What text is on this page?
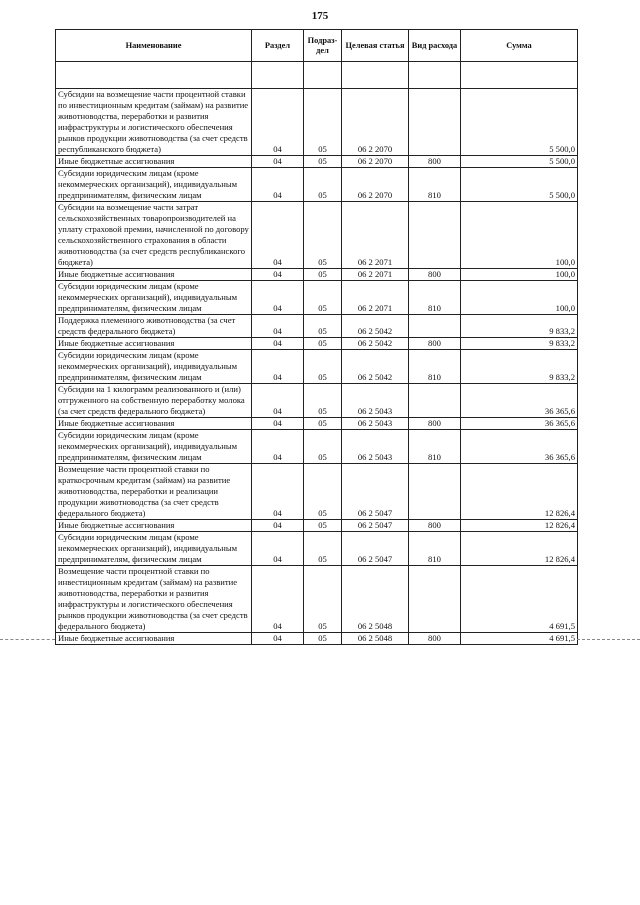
175
Наименование	Раздел	Подраз-дел	Целевая статья	Вид расхода	Сумма

Субсидии на возмещение части процентной ставки по инвестиционным кредитам (займам) на развитие животноводства, переработки и развития инфраструктуры и логистического обеспечения рынков продукции животноводства (за счет средств республиканского бюджета)	04	05	06 2 2070		5 500,0
Иные бюджетные ассигнования	04	05	06 2 2070	800	5 500,0
Субсидии юридическим лицам (кроме некоммерческих организаций), индивидуальным предпринимателям, физическим лицам	04	05	06 2 2070	810	5 500,0
Субсидии на возмещение части затрат сельскохозяйственных товаропроизводителей на уплату страховой премии, начисленной по договору сельскохозяйственного страхования в области животноводства (за счет средств республиканского бюджета)	04	05	06 2 2071		100,0
Иные бюджетные ассигнования	04	05	06 2 2071	800	100,0
Субсидии юридическим лицам (кроме некоммерческих организаций), индивидуальным предпринимателям, физическим лицам	04	05	06 2 2071	810	100,0
Поддержка племенного животноводства (за счет средств федерального бюджета)	04	05	06 2 5042		9 833,2
Иные бюджетные ассигнования	04	05	06 2 5042	800	9 833,2
Субсидии юридическим лицам (кроме некоммерческих организаций), индивидуальным предпринимателям, физическим лицам	04	05	06 2 5042	810	9 833,2
Субсидии на 1 килограмм реализованного и (или) отгруженного на собственную переработку молока (за счет средств федерального бюджета)	04	05	06 2 5043		36 365,6
Иные бюджетные ассигнования	04	05	06 2 5043	800	36 365,6
Субсидии юридическим лицам (кроме некоммерческих организаций), индивидуальным предпринимателям, физическим лицам	04	05	06 2 5043	810	36 365,6
Возмещение части процентной ставки по краткосрочным кредитам (займам) на развитие животноводства, переработки и реализации продукции животноводства (за счет средств федерального бюджета)	04	05	06 2 5047		12 826,4
Иные бюджетные ассигнования	04	05	06 2 5047	800	12 826,4
Субсидии юридическим лицам (кроме некоммерческих организаций), индивидуальным предпринимателям, физическим лицам	04	05	06 2 5047	810	12 826,4
Возмещение части процентной ставки по инвестиционным кредитам (займам) на развитие животноводства, переработки и развития инфраструктуры и логистического обеспечения рынков продукции животноводства (за счет средств федерального бюджета)	04	05	06 2 5048		4 691,5
Иные бюджетные ассигнования	04	05	06 2 5048	800	4 691,5
